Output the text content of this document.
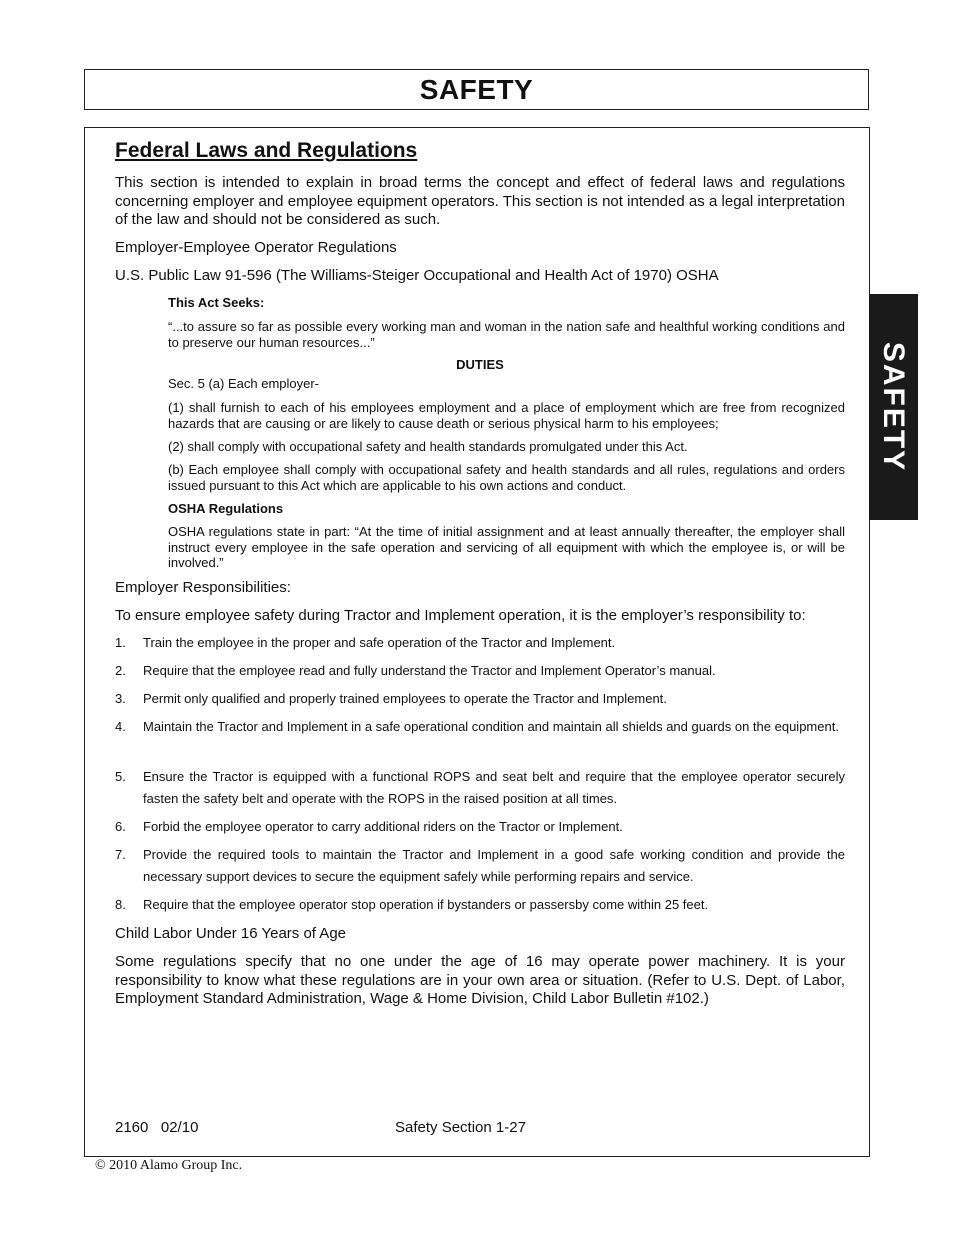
SAFETY
SAFETY
Federal Laws and Regulations

This section is intended to explain in broad terms the concept and effect of federal laws and regulations concerning employer and employee equipment operators. This section is not intended as a legal interpretation of the law and should not be considered as such.

Employer-Employee Operator Regulations

U.S. Public Law 91-596 (The Williams-Steiger Occupational and Health Act of 1970) OSHA

This Act Seeks:

“...to assure so far as possible every working man and woman in the nation safe and healthful working conditions and to preserve our human resources...”

DUTIES

Sec. 5 (a) Each employer-

(1) shall furnish to each of his employees employment and a place of employment which are free from recognized hazards that are causing or are likely to cause death or serious physical harm to his employees;

(2) shall comply with occupational safety and health standards promulgated under this Act.

(b) Each employee shall comply with occupational safety and health standards and all rules, regulations and orders issued pursuant to this Act which are applicable to his own actions and conduct.

OSHA Regulations

OSHA regulations state in part: “At the time of initial assignment and at least annually thereafter, the employer shall instruct every employee in the safe operation and servicing of all equipment with which the employee is, or will be involved.”

Employer Responsibilities:

To ensure employee safety during Tractor and Implement operation, it is the employer’s responsibility to:

1.	Train the employee in the proper and safe operation of the Tractor and Implement.
2.	Require that the employee read and fully understand the Tractor and Implement Operator’s manual.
3.	Permit only qualified and properly trained employees to operate the Tractor and Implement.
4.	Maintain the Tractor and Implement in a safe operational condition and maintain all shields and guards on the equipment.
5.	Ensure the Tractor is equipped with a functional ROPS and seat belt and require that the employee operator securely fasten the safety belt and operate with the ROPS in the raised position at all times.
6.	Forbid the employee operator to carry additional riders on the Tractor or Implement.
7.	Provide the required tools to maintain the Tractor and Implement in a good safe working condition and provide the necessary support devices to secure the equipment safely while performing repairs and service.
8.	Require that the employee operator stop operation if bystanders or passersby come within 25 feet.

Child Labor Under 16 Years of Age

Some regulations specify that no one under the age of 16 may operate power machinery. It is your responsibility to know what these regulations are in your own area or situation. (Refer to U.S. Dept. of Labor, Employment Standard Administration, Wage & Home Division, Child Labor Bulletin #102.)

2160   02/10	Safety Section 1-27
© 2010 Alamo Group Inc.
